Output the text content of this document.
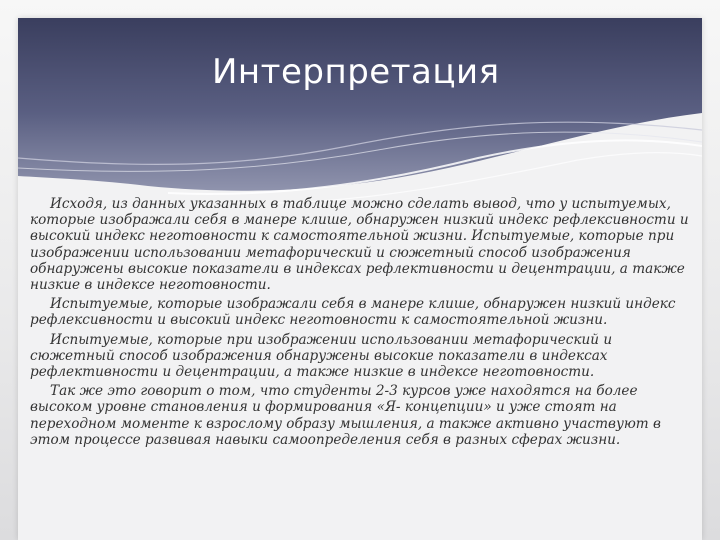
Интерпретация

Исходя, из данных указанных в таблице можно сделать вывод, что у испытуемых, которые изображали себя в манере клише, обнаружен низкий индекс рефлексивности и высокий индекс неготовности к самостоятельной жизни. Испытуемые, которые при изображении использовании метафорический и сюжетный способ изображения обнаружены высокие показатели в индексах рефлективности и децентрации, а также низкие в индексе неготовности.

Испытуемые, которые изображали себя в манере клише, обнаружен низкий индекс рефлексивности и высокий индекс неготовности к самостоятельной жизни.

Испытуемые, которые при изображении использовании метафорический и сюжетный способ изображения обнаружены высокие показатели в индексах рефлективности и децентрации, а также низкие в индексе неготовности.

Так же это говорит о том, что студенты 2-3 курсов уже находятся на более высоком уровне становления и формирования «Я- концепции» и уже стоят на переходном моменте к взрослому образу мышления, а также активно участвуют в этом процессе развивая навыки самоопределения себя в разных сферах жизни.
